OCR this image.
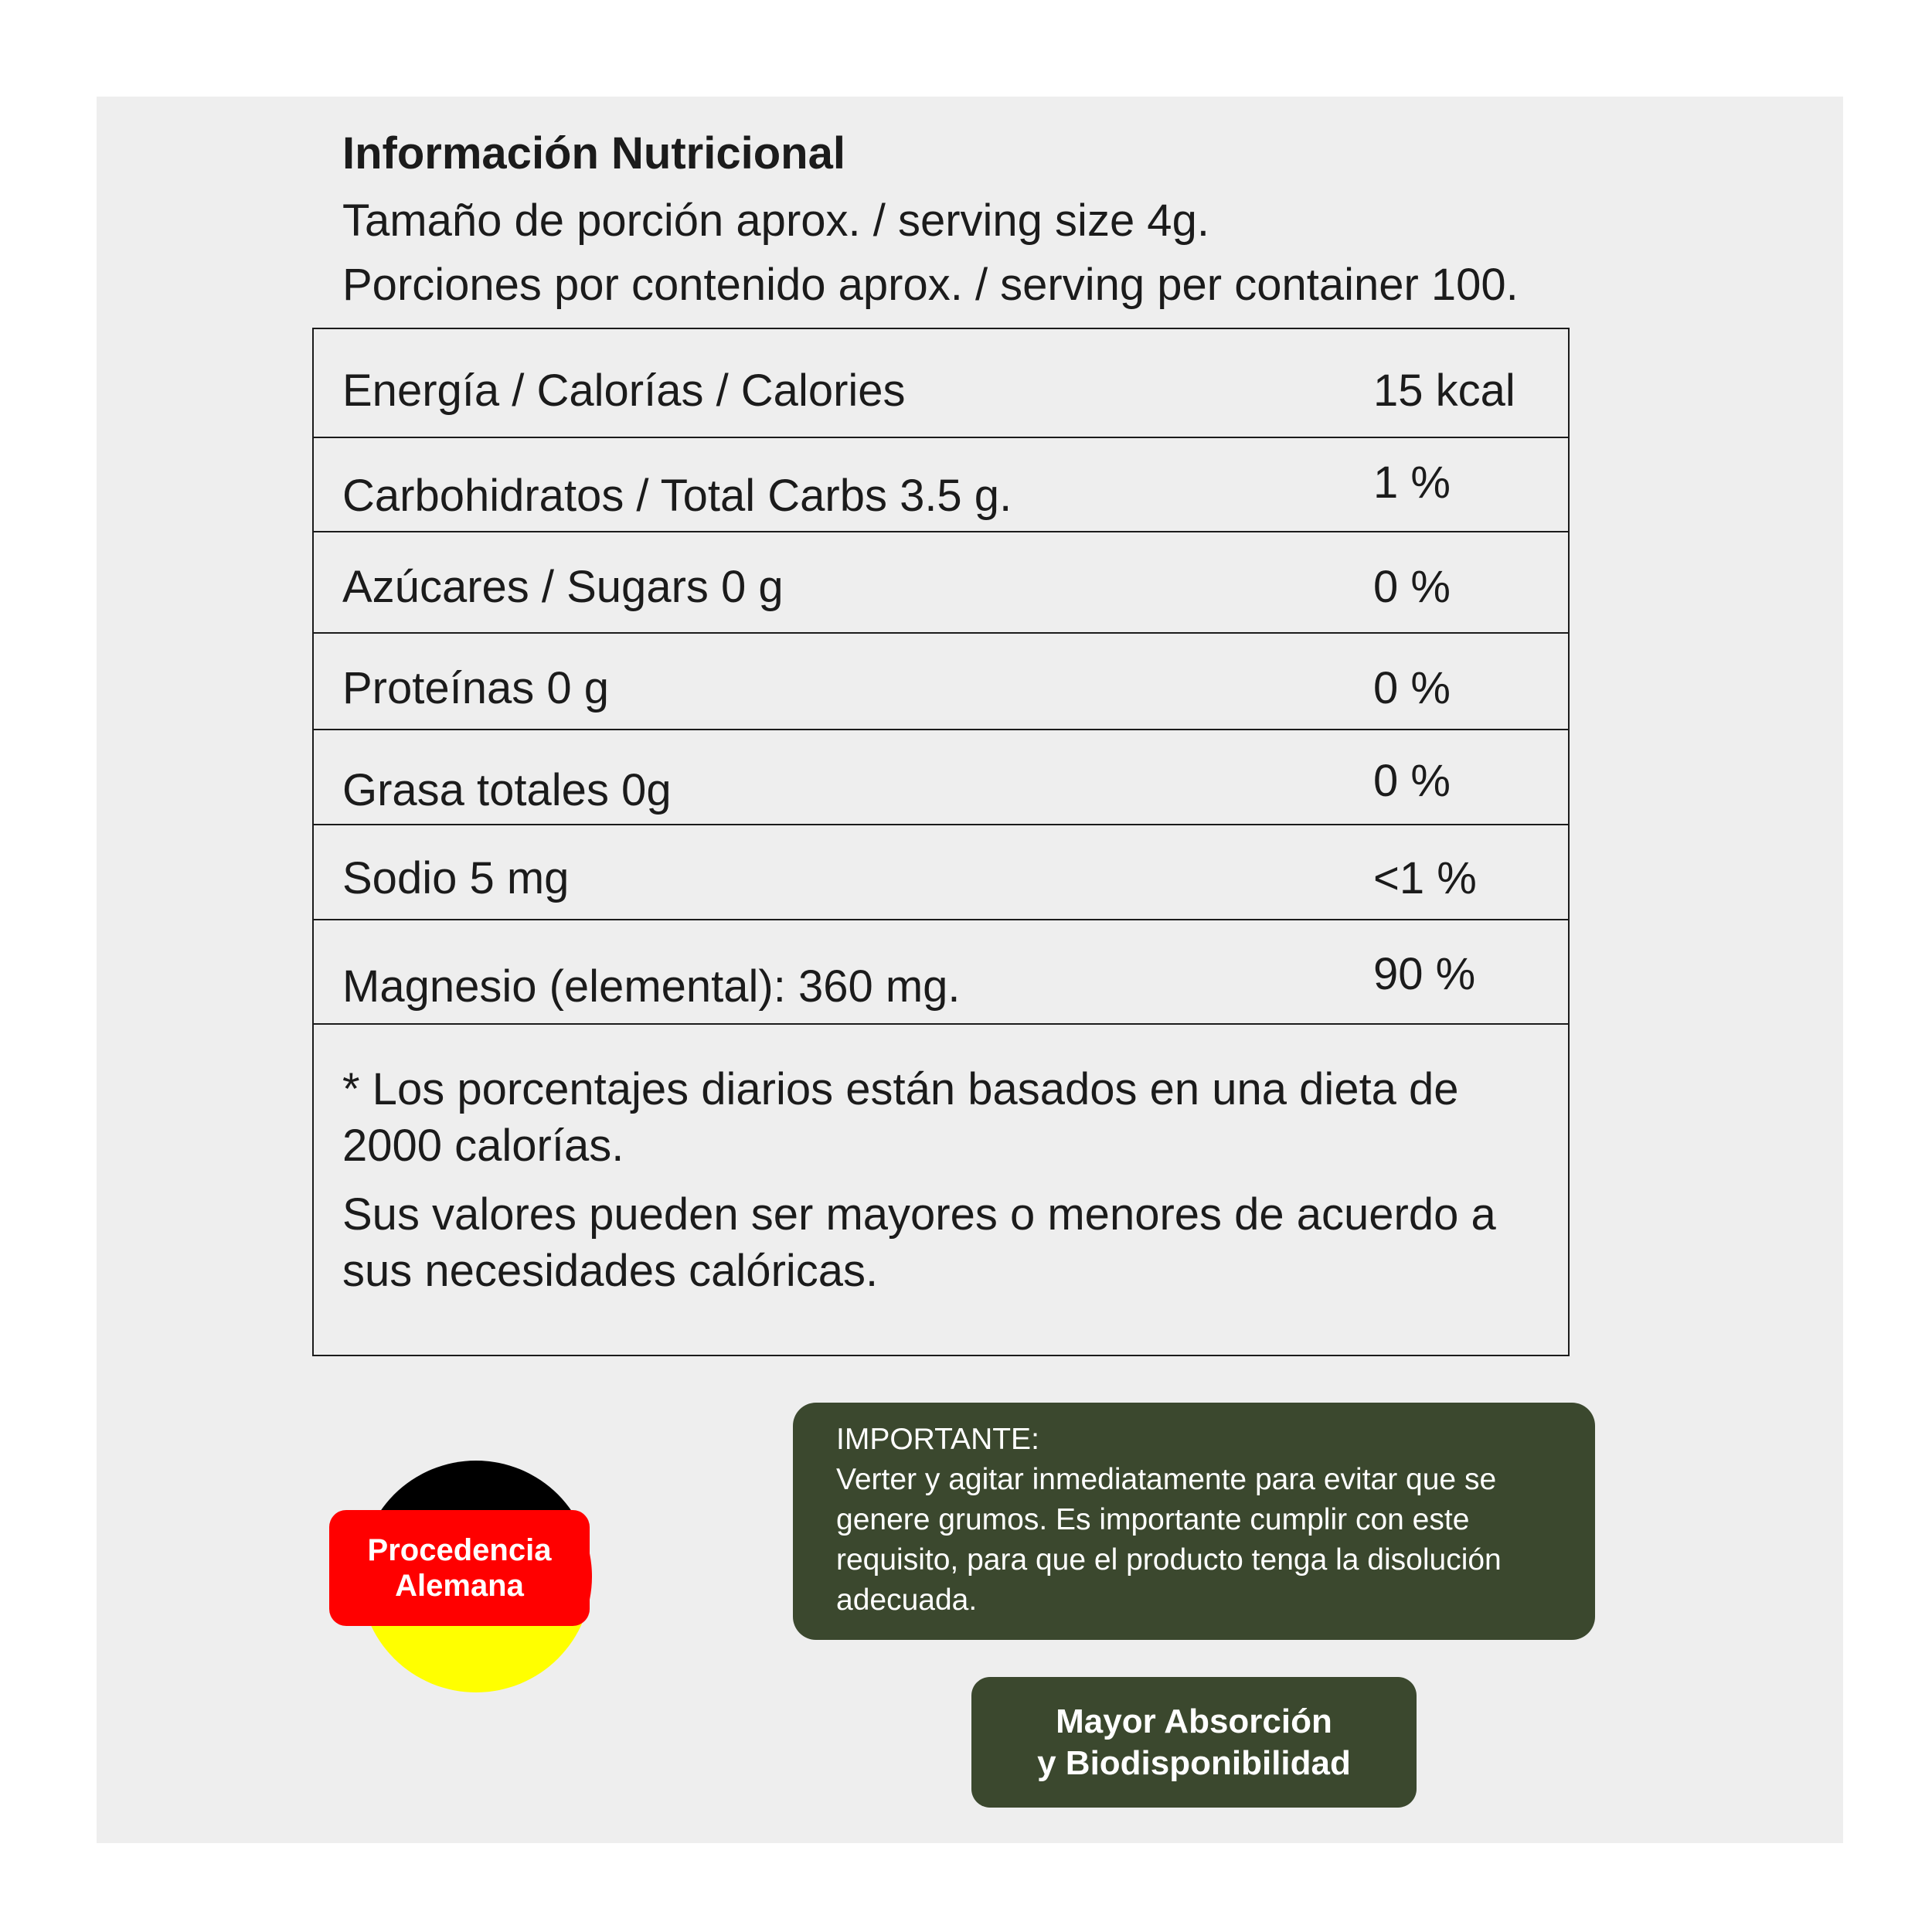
Información Nutricional

Tamaño de porción aprox. / serving size 4g.

Porciones por contenido aprox. / serving per container 100.

Energía / Calorías / Calories	15 kcal
Carbohidratos / Total Carbs 3.5 g.	1 %
Azúcares / Sugars 0 g	0 %
Proteínas 0 g	0 %
Grasa totales 0g	0 %
Sodio 5 mg	<1 %
Magnesio (elemental): 360 mg.	90 %

* Los porcentajes diarios están basados en una dieta de 2000 calorías.

Sus valores pueden ser mayores o menores de acuerdo a sus necesidades calóricas.

Procedencia
Alemana

IMPORTANTE:

Verter y agitar inmediatamente para evitar que se genere grumos. Es importante cumplir con este requisito, para que el producto tenga la disolución adecuada.

Mayor Absorción
y Biodisponibilidad
